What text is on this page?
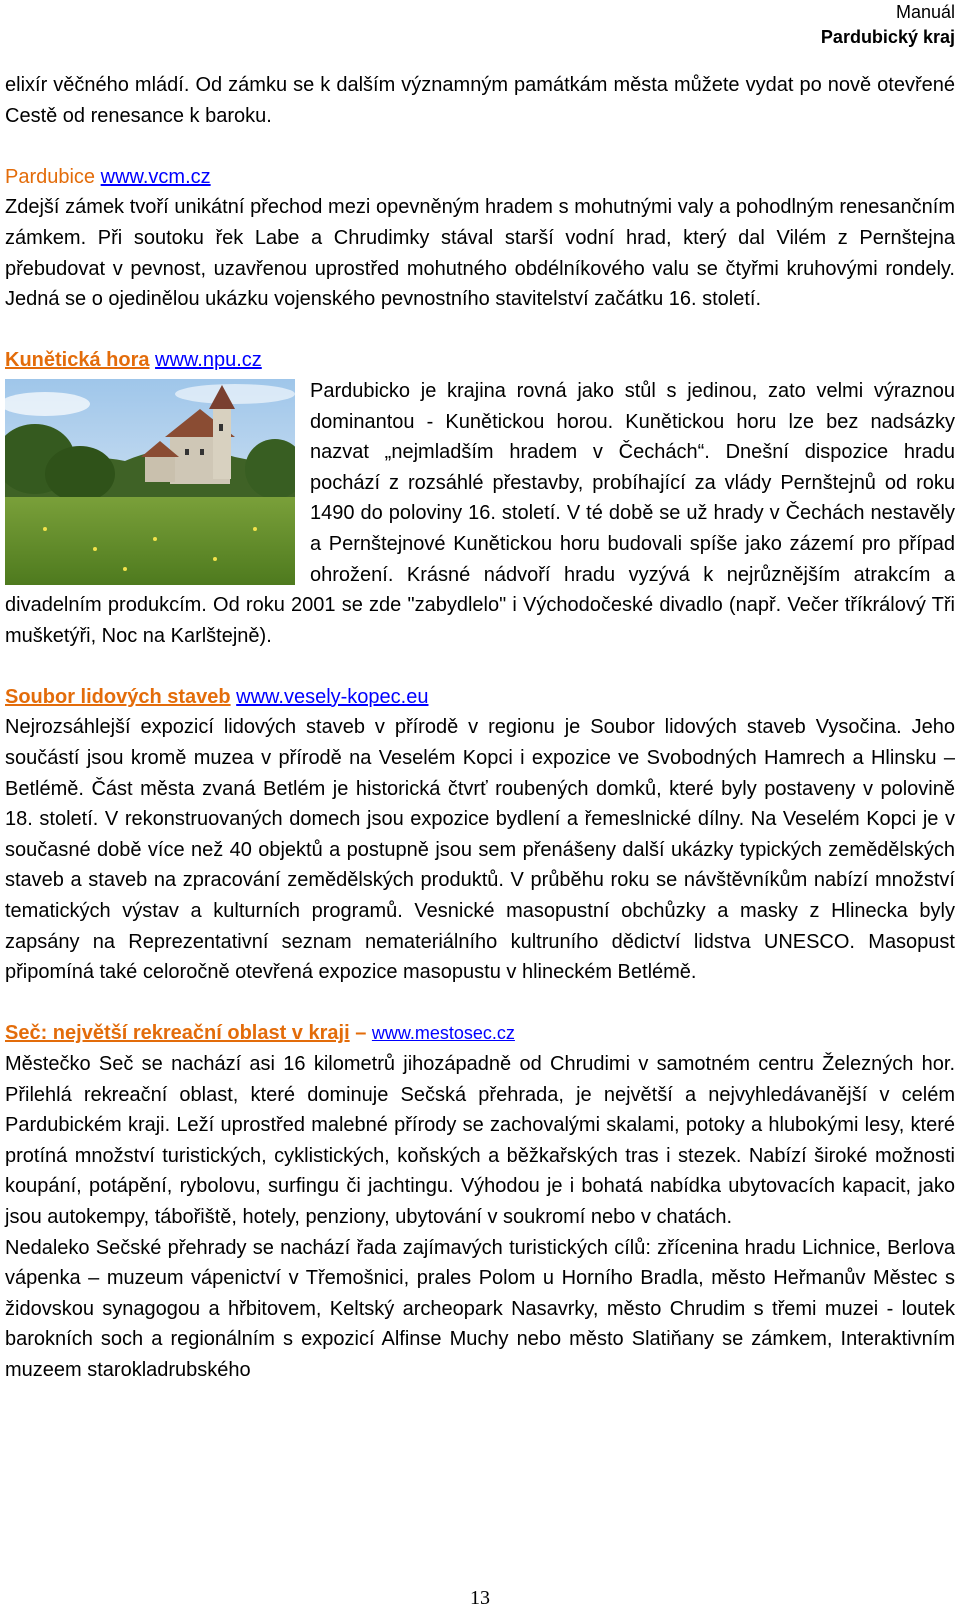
Manuál
Pardubický kraj

elixír věčného mládí. Od zámku se k dalším významným památkám města můžete vydat po nově otevřené Cestě od renesance k baroku.

Pardubice www.vcm.cz

Zdejší zámek tvoří unikátní přechod mezi opevněným hradem s mohutnými valy a pohodlným renesančním zámkem. Při soutoku řek Labe a Chrudimky stával starší vodní hrad, který dal Vilém z Pernštejna přebudovat v pevnost, uzavřenou uprostřed mohutného obdélníkového valu se čtyřmi kruhovými rondely. Jedná se o ojedinělou ukázku vojenského pevnostního stavitelství začátku 16. století.

Kunětická hora www.npu.cz

Pardubicko je krajina rovná jako stůl s jedinou, zato velmi výraznou dominantou - Kunětickou horou. Kunětickou horu lze bez nadsázky nazvat „nejmladším hradem v Čechách“. Dnešní dispozice hradu pochází z rozsáhlé přestavby, probíhající za vlády Pernštejnů od roku 1490 do poloviny 16. století. V té době se už hrady v Čechách nestavěly a Pernštejnové Kunětickou horu budovali spíše jako zázemí pro případ ohrožení. Krásné nádvoří hradu vyzývá k nejrůznějším atrakcím a divadelním produkcím. Od roku 2001 se zde "zabydlelo" i Východočeské divadlo (např. Večer tříkrálový Tři mušketýři, Noc na Karlštejně).

Soubor lidových staveb www.vesely-kopec.eu

Nejrozsáhlejší expozicí lidových staveb v přírodě v regionu je Soubor lidových staveb Vysočina. Jeho součástí jsou kromě muzea v přírodě na Veselém Kopci i expozice ve Svobodných Hamrech a Hlinsku – Betlémě. Část města zvaná Betlém je historická čtvrť roubených domků, které byly postaveny v polovině 18. století. V rekonstruovaných domech jsou expozice bydlení a řemeslnické dílny. Na Veselém Kopci je v současné době více než 40 objektů a postupně jsou sem přenášeny další ukázky typických zemědělských staveb a staveb na zpracování zemědělských produktů. V průběhu roku se návštěvníkům nabízí množství tematických výstav a kulturních programů. Vesnické masopustní obchůzky a masky z Hlinecka byly zapsány na Reprezentativní seznam nemateriálního kultruního dědictví lidstva UNESCO. Masopust připomíná také celoročně otevřená expozice masopustu v hlineckém Betlémě.

Seč: největší rekreační oblast v kraji – www.mestosec.cz

Městečko Seč se nachází asi 16 kilometrů jihozápadně od Chrudimi v samotném centru Železných hor. Přilehlá rekreační oblast, které dominuje Sečská přehrada, je největší a nejvyhledávanější v celém Pardubickém kraji. Leží uprostřed malebné přírody se zachovalými skalami, potoky a hlubokými lesy, které protíná množství turistických, cyklistických, koňských a běžkařských tras i stezek. Nabízí široké možnosti koupání, potápění, rybolovu, surfingu či jachtingu. Výhodou je i bohatá nabídka ubytovacích kapacit, jako jsou autokempy, tábořiště, hotely, penziony, ubytování v soukromí nebo v chatách.

Nedaleko Sečské přehrady se nachází řada zajímavých turistických cílů: zřícenina hradu Lichnice, Berlova vápenka – muzeum vápenictví v Třemošnici, prales Polom u Horního Bradla, město Heřmanův Městec s židovskou synagogou a hřbitovem, Keltský archeopark Nasavrky, město Chrudim s třemi muzei - loutek barokních soch a regionálním s expozicí Alfinse Muchy nebo město Slatiňany se zámkem, Interaktivním muzeem starokladrubského

13
